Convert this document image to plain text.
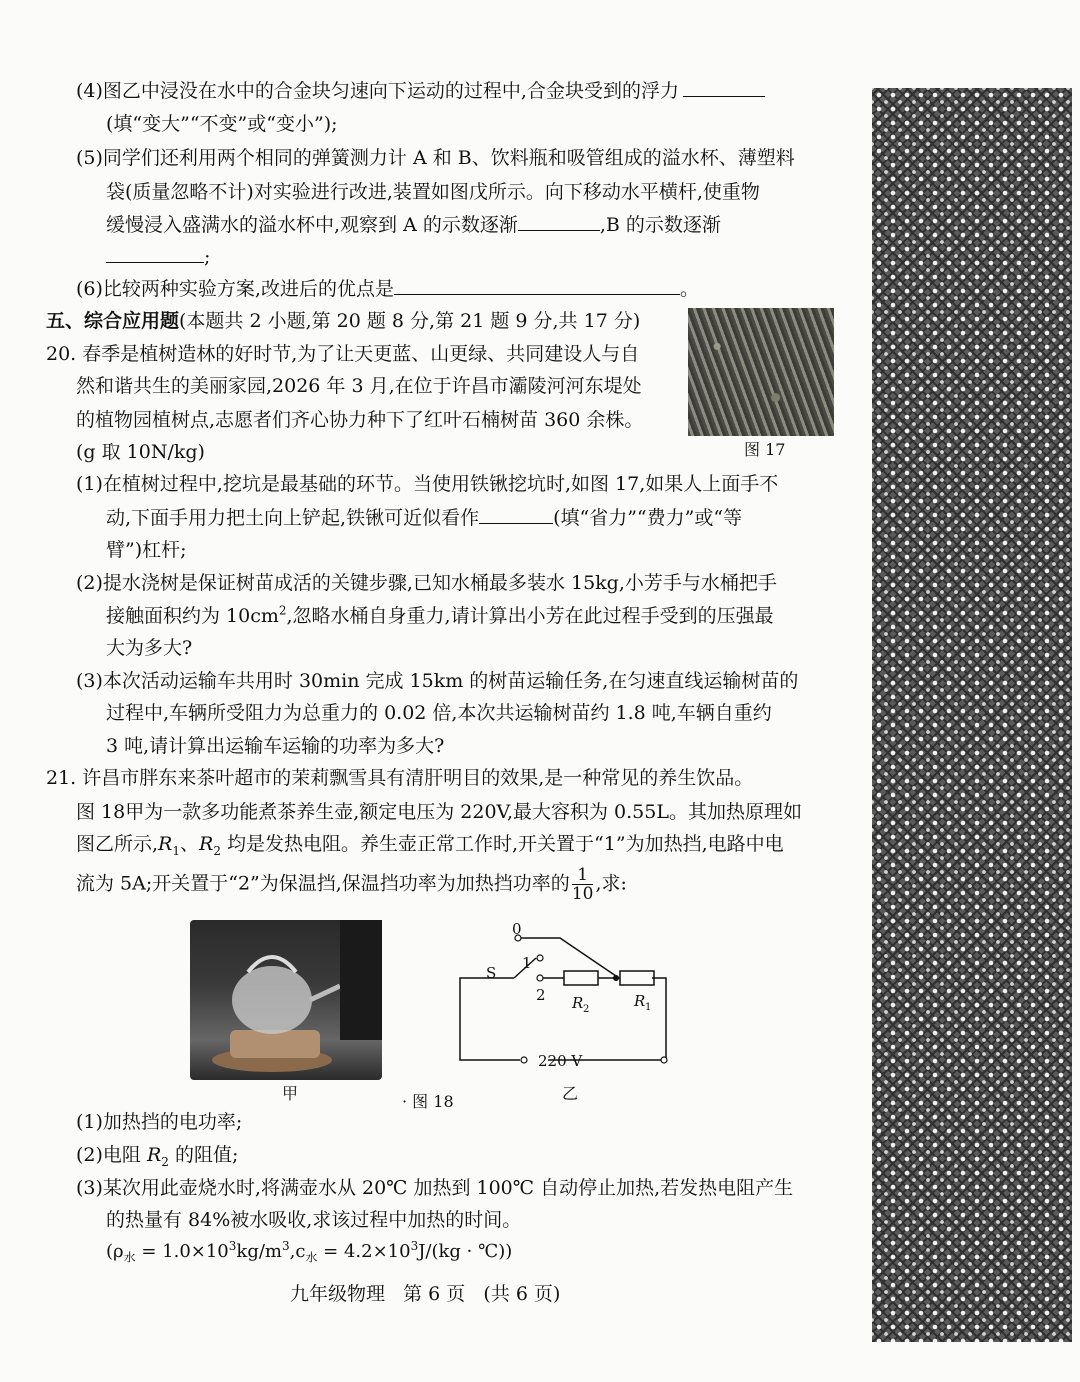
(4)图乙中浸没在水中的合金块匀速向下运动的过程中,合金块受到的浮力
(填“变大”“不变”或“变小”);
(5)同学们还利用两个相同的弹簧测力计 A 和 B、饮料瓶和吸管组成的溢水杯、薄塑料
袋(质量忽略不计)对实验进行改进,装置如图戊所示。向下移动水平横杆,使重物
缓慢浸入盛满水的溢水杯中,观察到 A 的示数逐渐	,B 的示数逐渐
;
(6)比较两种实验方案,改进后的优点是	。
五、综合应用题(本题共 2 小题,第 20 题 8 分,第 21 题 9 分,共 17 分)
图 17
20. 春季是植树造林的好时节,为了让天更蓝、山更绿、共同建设人与自
然和谐共生的美丽家园,2026 年 3 月,在位于许昌市灞陵河河东堤处
的植物园植树点,志愿者们齐心协力种下了红叶石楠树苗 360 余株。
(g 取 10N/kg)
(1)在植树过程中,挖坑是最基础的环节。当使用铁锹挖坑时,如图 17,如果人上面手不
动,下面手用力把土向上铲起,铁锹可近似看作	(填“省力”“费力”或“等
臂”)杠杆;
(2)提水浇树是保证树苗成活的关键步骤,已知水桶最多装水 15kg,小芳手与水桶把手
接触面积约为 $10cm^2$,忽略水桶自身重力,请计算出小芳在此过程手受到的压强最
大为多大?
(3)本次活动运输车共用时 30min 完成 15km 的树苗运输任务,在匀速直线运输树苗的
过程中,车辆所受阻力为总重力的 0.02 倍,本次共运输树苗约 1.8 吨,车辆自重约
3 吨,请计算出运输车运输的功率为多大?
21. 许昌市胖东来茶叶超市的茉莉飘雪具有清肝明目的效果,是一种常见的养生饮品。
图 18甲为一款多功能煮茶养生壶,额定电压为 220V,最大容积为 0.55L。其加热原理如
图乙所示$,R_1$、$R_2$ 均是发热电阻。养生壶正常工作时,开关置于“1”为加热挡,电路中电
流为 5A;开关置于“2”为保温挡,保温挡功率为加热挡功率的 $\frac{1}{10}$ ,求:
甲	· 图 18	乙
0
1
2
S
R 2	R 1
220 V
(1)加热挡的电功率;
(2)电阻 $R_2$ 的阻值;
(3)某次用此壶烧水时,将满壶水从 20℃ 加热到 100℃ 自动停止加热,若发热电阻产生
的热量有 84%被水吸收,求该过程中加热的时间。
($\rho_水 = 1.0\times 10^3kg/m^3,c_水 = 4.2\times 10^3J/(kg$ · ℃))
九年级物理   第 6 页   (共 6 页)
